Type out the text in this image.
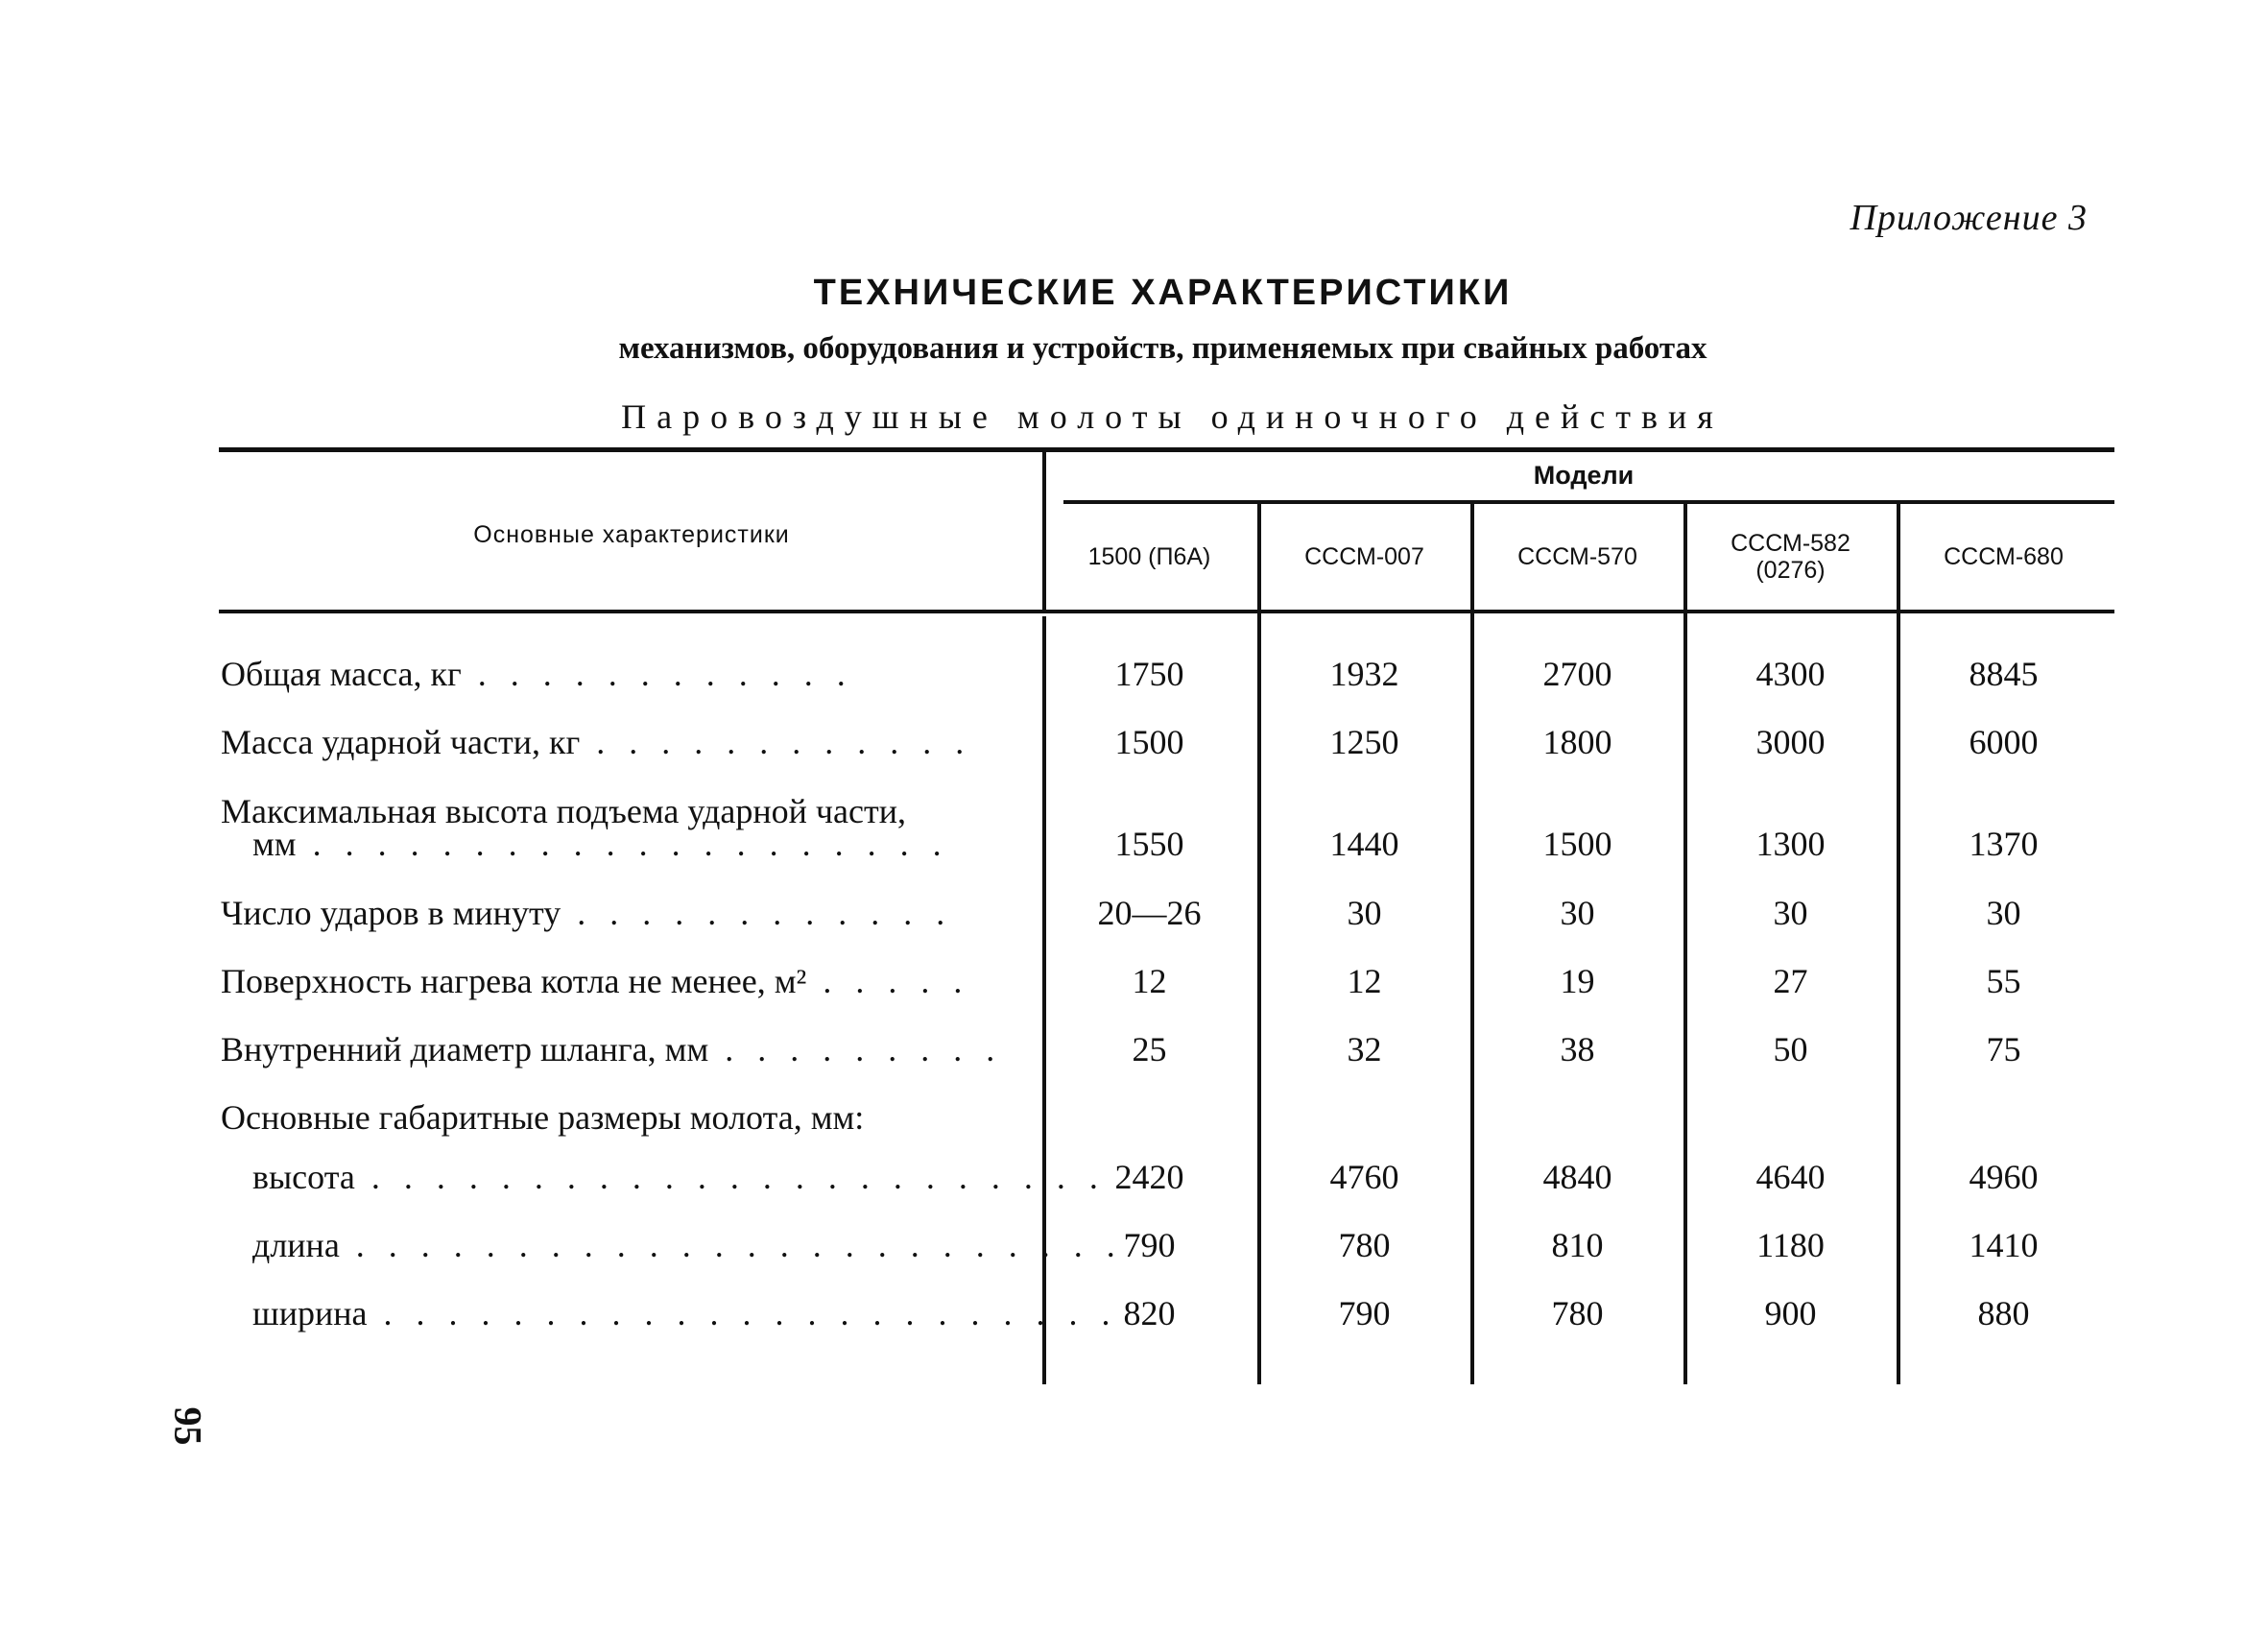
Приложение 3
ТЕХНИЧЕСКИЕ ХАРАКТЕРИСТИКИ
механизмов, оборудования и устройств, применяемых при свайных работах
Паровоздушные молоты одиночного действия
Основные характеристики
Модели
1500 (П6А)	СССМ-007	СССМ-570	СССМ-582 (0276)	СССМ-680
Общая масса, кг . . . . . . . . . . . .	1750	1932	2700	4300	8845
Масса ударной части, кг . . . . . . . . . . . .	1500	1250	1800	3000	6000
Максимальная высота подъема ударной части,
мм . . . . . . . . . . . . . . . . . . . .	1550	1440	1500	1300	1370
Число ударов в минуту . . . . . . . . . . . .	20—26	30	30	30	30
Поверхность нагрева котла не менее, м² . . . . .	12	12	19	27	55
Внутренний диаметр шланга, мм . . . . . . . . .	25	32	38	50	75
Основные габаритные размеры молота, мм:
высота . . . . . . . . . . . . . . . . . . . . . . . 2420	4760	4840	4640	4960
длина . . . . . . . . . . . . . . . . . . . . . . . . 790	780	810	1180	1410
ширина . . . . . . . . . . . . . . . . . . . . . . . 820	790	780	900	880
95
